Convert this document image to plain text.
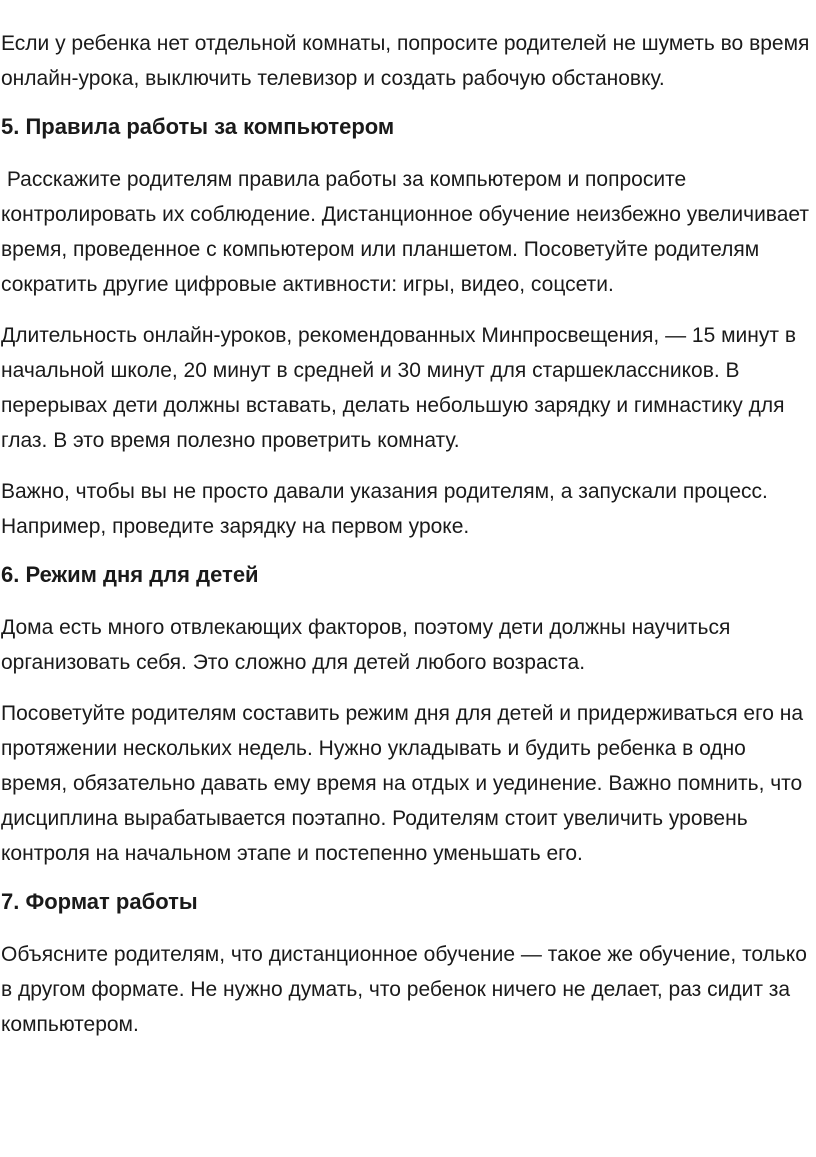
Если у ребенка нет отдельной комнаты, попросите родителей не шуметь во время онлайн-урока, выключить телевизор и создать рабочую обстановку.

5. Правила работы за компьютером

Расскажите родителям правила работы за компьютером и попросите контролировать их соблюдение. Дистанционное обучение неизбежно увеличивает время, проведенное с компьютером или планшетом. Посоветуйте родителям сократить другие цифровые активности: игры, видео, соцсети.

Длительность онлайн-уроков, рекомендованных Минпросвещения, — 15 минут в начальной школе, 20 минут в средней и 30 минут для старшеклассников. В перерывах дети должны вставать, делать небольшую зарядку и гимнастику для глаз. В это время полезно проветрить комнату.

Важно, чтобы вы не просто давали указания родителям, а запускали процесс. Например, проведите зарядку на первом уроке.

6. Режим дня для детей

Дома есть много отвлекающих факторов, поэтому дети должны научиться организовать себя. Это сложно для детей любого возраста.

Посоветуйте родителям составить режим дня для детей и придерживаться его на протяжении нескольких недель. Нужно укладывать и будить ребенка в одно время, обязательно давать ему время на отдых и уединение. Важно помнить, что дисциплина вырабатывается поэтапно. Родителям стоит увеличить уровень контроля на начальном этапе и постепенно уменьшать его.

7. Формат работы

Объясните родителям, что дистанционное обучение — такое же обучение, только в другом формате. Не нужно думать, что ребенок ничего не делает, раз сидит за компьютером.
